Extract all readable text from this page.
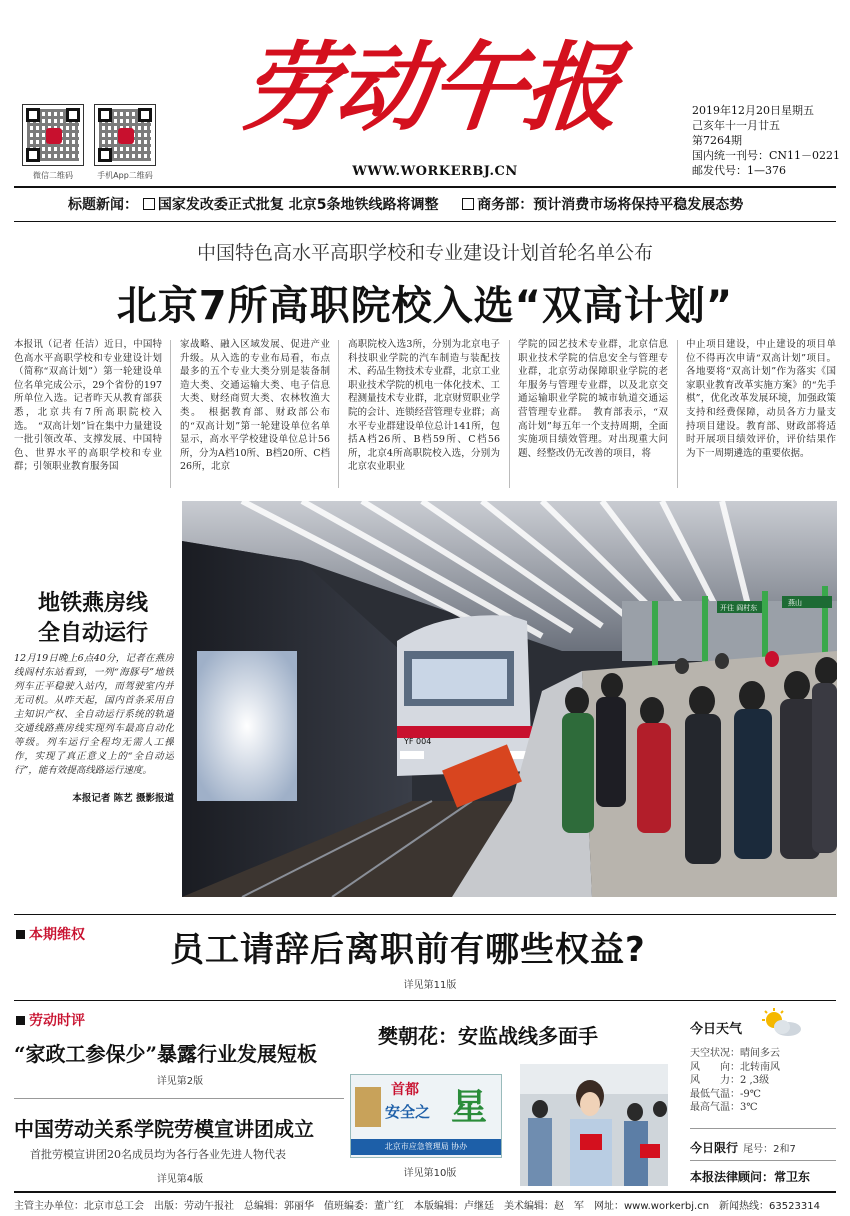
微信二维码	手机App二维码
劳动午报
WWW.WORKERBJ.CN
2019年12月20日星期五
己亥年十一月廿五
第7264期
国内统一刊号：CN11－0221
邮发代号：1—376
标题新闻： 国家发改委正式批复 北京5条地铁线路将调整	商务部：预计消费市场将保持平稳发展态势
中国特色高水平高职学校和专业建设计划首轮名单公布
北京7所高职院校入选“双高计划”
本报讯（记者 任洁）近日，中国特色高水平高职学校和专业建设计划（简称“双高计划”）第一轮建设单位名单完成公示，29个省份的197所单位入选。记者昨天从教育部获悉，北京共有7所高职院校入选。　“双高计划”旨在集中力量建设一批引领改革、支撑发展、中国特色、世界水平的高职学校和专业群；引领职业教育服务国
家战略、融入区域发展、促进产业升级。从入选的专业布局看，布点最多的五个专业大类分别是装备制造大类、交通运输大类、电子信息大类、财经商贸大类、农林牧渔大类。　根据教育部、财政部公布的“双高计划”第一轮建设单位名单显示，高水平学校建设单位总计56所，分为A档10所、B档20所、C档26所，北京
高职院校入选3所，分别为北京电子科技职业学院的汽车制造与装配技术、药品生物技术专业群，北京工业职业技术学院的机电一体化技术、工程测量技术专业群，北京财贸职业学院的会计、连锁经营管理专业群；高水平专业群建设单位总计141所，包括A档26所、B档59所、C档56所，北京4所高职院校入选，分别为北京农业职业
学院的园艺技术专业群，北京信息职业技术学院的信息安全与管理专业群，北京劳动保障职业学院的老年服务与管理专业群，以及北京交通运输职业学院的城市轨道交通运营管理专业群。　教育部表示，“双高计划”每五年一个支持周期，全面实施项目绩效管理。对出现重大问题、经整改仍无改善的项目，将
中止项目建设，中止建设的项目单位不得再次申请“双高计划”项目。各地要将“双高计划”作为落实《国家职业教育改革实施方案》的“先手棋”，优化改革发展环境，加强政策支持和经费保障，动员各方力量支持项目建设。教育部、财政部将适时开展项目绩效评价，评价结果作为下一周期遴选的重要依据。
地铁燕房线
全自动运行
12月19日晚上6点40分，记者在燕房线阎村东站看到，一列“海豚号”地铁列车正平稳驶入站内，而驾驶室内并无司机。从昨天起，国内首条采用自主知识产权、全自动运行系统的轨道交通线路燕房线实现列车最高自动化等级。列车运行全程均无需人工操作，实现了真正意义上的“全自动运行”，能有效提高线路运行速度。
本报记者 陈艺 摄影报道
YF 004
开往 阎村东
燕山
本期维权	员工请辞后离职前有哪些权益?
详见第11版
劳动时评
“家政工参保少”暴露行业发展短板
详见第2版
中国劳动关系学院劳模宣讲团成立
首批劳模宣讲团20名成员均为各行各业先进人物代表
详见第4版
樊朝花：安监战线多面手
首都
安全之 星
北京市应急管理局 协办
详见第10版
今日天气
天空状况：晴间多云
风　　向：北转南风
风　　力：2 ,3级
最低气温：-9℃
最高气温：3℃
今日限行 尾号：2和7
本报法律顾问：常卫东
主管主办单位：北京市总工会　出版：劳动午报社　总编辑：郭丽华　值班编委：董广红　本版编辑：卢继廷　美术编辑：赵　军　网址：www.workerbj.cn　新闻热线：63523314
